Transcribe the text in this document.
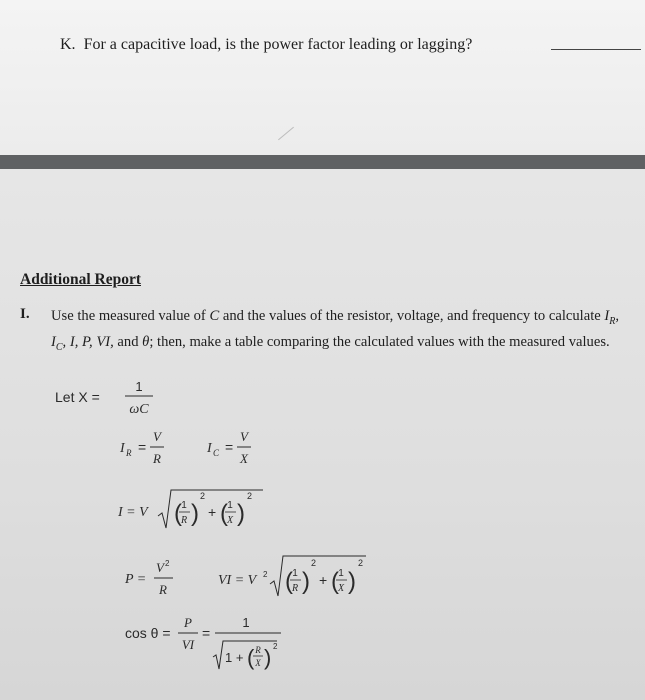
K. For a capacitive load, is the power factor leading or lagging?
Additional Report
I. Use the measured value of C and the values of the resistor, voltage, and frequency to calculate $I_R$, $I_C$, I, P, VI, and θ; then, make a table comparing the calculated values with the measured values.
Let X =
1
ωC
I R =
V
R
I C =
V
X
I = V ( 1
R )
2
+ ( 1
X )
2
P =
V 2
R
VI = V 2 ( 1
R )
2
+ ( 1
X )
2
cos θ =
P
VI
=
1
1 + ( R
X ) 2
